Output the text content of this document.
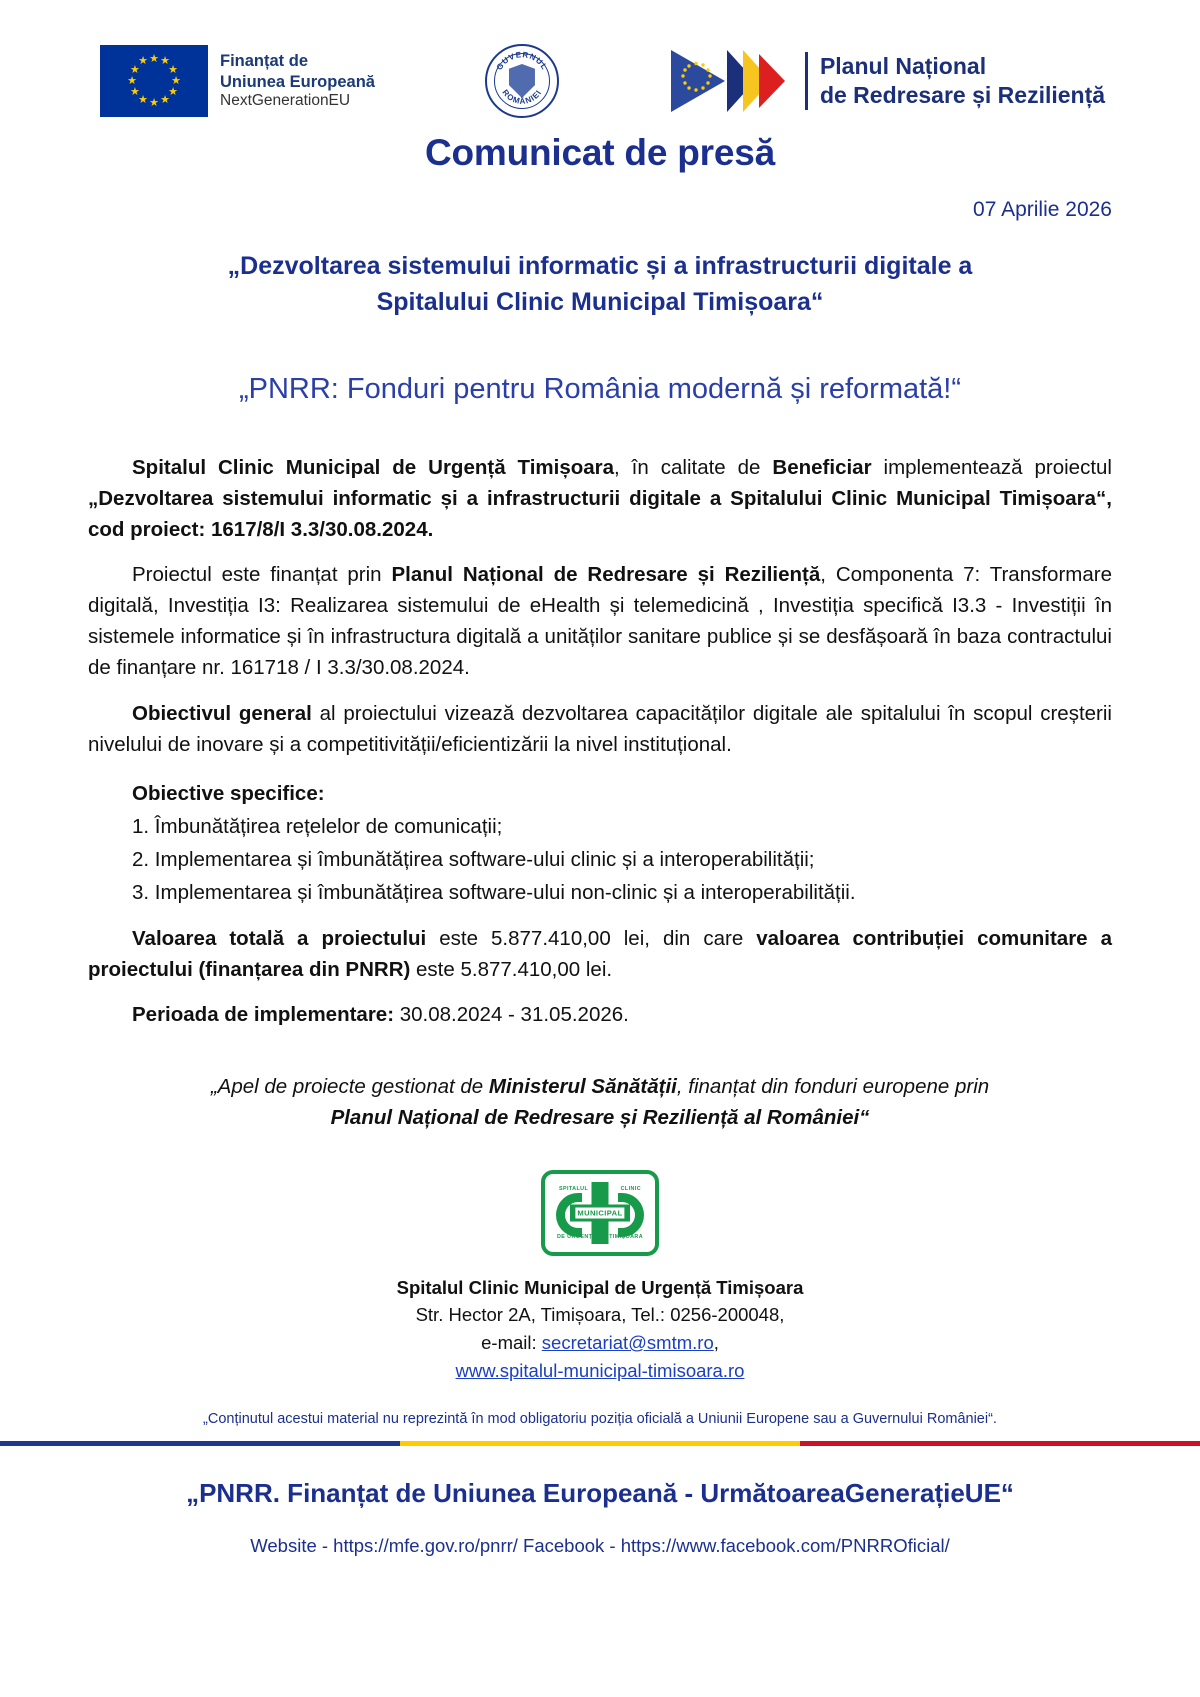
★ ★
★
★
★
★
★
★
★
★
★
★	Finanțat de
Uniunea Europeană
NextGenerationEU
GUVERNUL
ROMÂNIEI
Planul Național
de Redresare și Reziliență
Comunicat de presă
07 Aprilie 2026
„Dezvoltarea sistemului informatic și a infrastructurii digitale a
Spitalului Clinic Municipal Timișoara“
„PNRR: Fonduri pentru România modernă și reformată!“

Spitalul Clinic Municipal de Urgență Timișoara, în calitate de Beneficiar implementează proiectul „Dezvoltarea sistemului informatic și a infrastructurii digitale a Spitalului Clinic Municipal Timișoara“, cod proiect: 1617/8/I 3.3/30.08.2024.

Proiectul este finanțat prin Planul Național de Redresare și Reziliență, Componenta 7: Transformare digitală, Investiția I3: Realizarea sistemului de eHealth și telemedicină , Investiția specifică I3.3 - Investiții în sistemele informatice și în infrastructura digitală a unităților sanitare publice și se desfășoară în baza contractului de finanțare nr. 161718 / I 3.3/30.08.2024.

Obiectivul general al proiectului vizează dezvoltarea capacităților digitale ale spitalului în scopul creșterii nivelului de inovare și a competitivității/eficientizării la nivel instituțional.

Obiective specifice:
1. Îmbunătățirea rețelelor de comunicații;
2. Implementarea și îmbunătățirea software-ului clinic și a interoperabilității;
3. Implementarea și îmbunătățirea software-ului non-clinic și a interoperabilității.

Valoarea totală a proiectului este 5.877.410,00 lei, din care valoarea contribuției comunitare a proiectului (finanțarea din PNRR) este 5.877.410,00 lei.

Perioada de implementare: 30.08.2024 - 31.05.2026.

„Apel de proiecte gestionat de Ministerul Sănătății, finanțat din fonduri europene prin
Planul Național de Redresare și Reziliență al României“
SPITALUL	CLINIC
MUNICIPAL
DE URGENȚĂ TIMIȘOARA
Spitalul Clinic Municipal de Urgență Timișoara
Str. Hector 2A, Timișoara, Tel.: 0256-200048,
e-mail: secretariat@smtm.ro,
www.spitalul-municipal-timisoara.ro
„Conținutul acestui material nu reprezintă în mod obligatoriu poziția oficială a Uniunii Europene sau a Guvernului României“.
„PNRR. Finanțat de Uniunea Europeană - UrmătoareaGenerațieUE“
Website - https://mfe.gov.ro/pnrr/ Facebook - https://www.facebook.com/PNRROficial/
